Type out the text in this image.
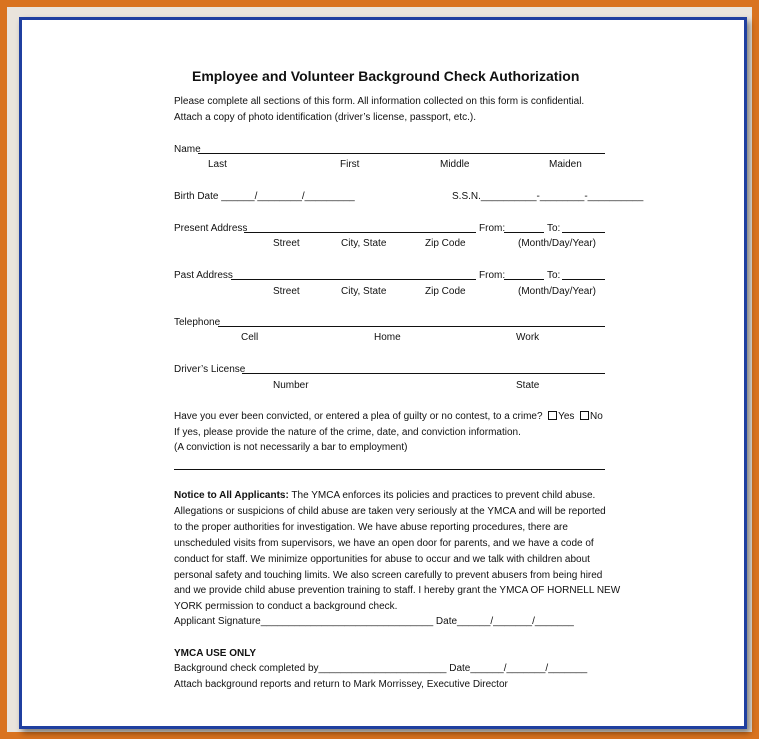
Employee and Volunteer Background Check Authorization
Please complete all sections of this form. All information collected on this form is confidential.
Attach a copy of photo identification (driver’s license, passport, etc.).
Name
Last	First	Middle	Maiden
Birth Date ______/________/_________	S.S.N.__________-________-__________
Present Address	From:	To:
Street	City, State	Zip Code	(Month/Day/Year)
Past Address	From:	To:
Street	City, State	Zip Code	(Month/Day/Year)
Telephone
Cell	Home	Work
Driver’s License
Number	State
Have you ever been convicted, or entered a plea of guilty or no contest, to a crime? Yes No
If yes, please provide the nature of the crime, date, and conviction information.
(A conviction is not necessarily a bar to employment)
Notice to All Applicants: The YMCA enforces its policies and practices to prevent child abuse.
Allegations or suspicions of child abuse are taken very seriously at the YMCA and will be reported
to the proper authorities for investigation. We have abuse reporting procedures, there are
unscheduled visits from supervisors, we have an open door for parents, and we have a code of
conduct for staff. We minimize opportunities for abuse to occur and we talk with children about
personal safety and touching limits. We also screen carefully to prevent abusers from being hired
and we provide child abuse prevention training to staff. I hereby grant the YMCA OF HORNELL NEW
YORK permission to conduct a background check.
Applicant Signature_______________________________ Date______/_______/_______
YMCA USE ONLY
Background check completed by_______________________ Date______/_______/_______
Attach background reports and return to Mark Morrissey, Executive Director
